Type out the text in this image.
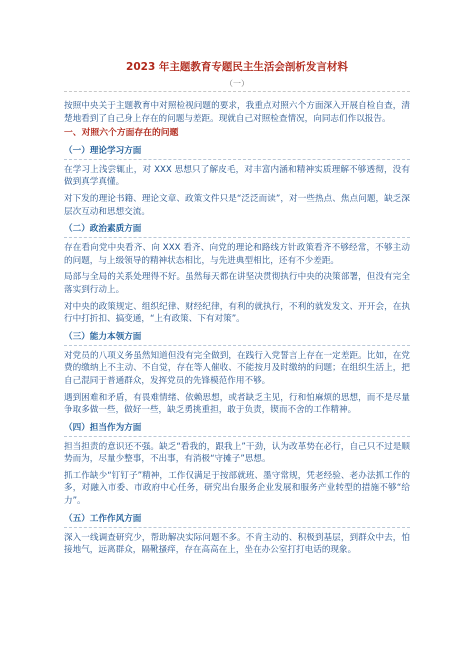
2023 年主题教育专题民主生活会剖析发言材料

（一）

按照中央关于主题教育中对照检视问题的要求，我重点对照六个方面深入开展自检自查，清楚地看到了自己身上存在的问题与差距。现就自己对照检查情况，向同志们作以报告。

一、对照六个方面存在的问题
（一）理论学习方面

在学习上浅尝辄止，对 XXX 思想只了解皮毛，对丰富内涵和精神实质理解不够透彻，没有做到真学真懂。

对下发的理论书籍、理论文章、政策文件只是“泛泛而读”，对一些热点、焦点问题，缺乏深层次互动和思想交流。

（二）政治素质方面

存在看向党中央看齐、向 XXX 看齐、向党的理论和路线方针政策看齐不够经常，不够主动的问题，与上级领导的精神状态相比，与先进典型相比，还有不少差距。

局部与全局的关系处理得不好。虽然每天都在讲坚决贯彻执行中央的决策部署，但没有完全落实到行动上。

对中央的政策规定、组织纪律、财经纪律，有利的就执行，不利的就发发文、开开会，在执行中打折扣、搞变通，“上有政策、下有对策”。

（三）能力本领方面

对党员的八项义务虽然知道但没有完全做到，在践行入党誓言上存在一定差距。比如，在党费的缴纳上不主动、不自觉，存在等人催收、不能按月及时缴纳的问题；在组织生活上，把自己混同于普通群众，发挥党员的先锋模范作用不够。

遇到困难和矛盾，有畏难情绪、依赖思想，或者缺乏主见，行和怕麻烦的思想，而不是尽量争取多做一些，做好一些，缺乏勇挑重担，敢于负责，锲而不舍的工作精神。

（四）担当作为方面

担当担责的意识还不强。缺乏“看我的，跟我上”干劲，认为改革势在必行，自己只不过是顺势而为，尽量少整事，不出事，有消极“守摊子”思想。

抓工作缺少“钉钉子”精神，工作仅满足于按部就班、墨守常规，凭老经验、老办法抓工作的多，对融入市委、市政府中心任务，研究出台服务企业发展和服务产业转型的措施不够“给力”。

（五）工作作风方面

深入一线调查研究少，帮助解决实际问题不多。不肯主动的、积极到基层，到群众中去，怕接地气，远离群众，隔靴搔痒，存在高高在上，坐在办公室打打电话的现象。
